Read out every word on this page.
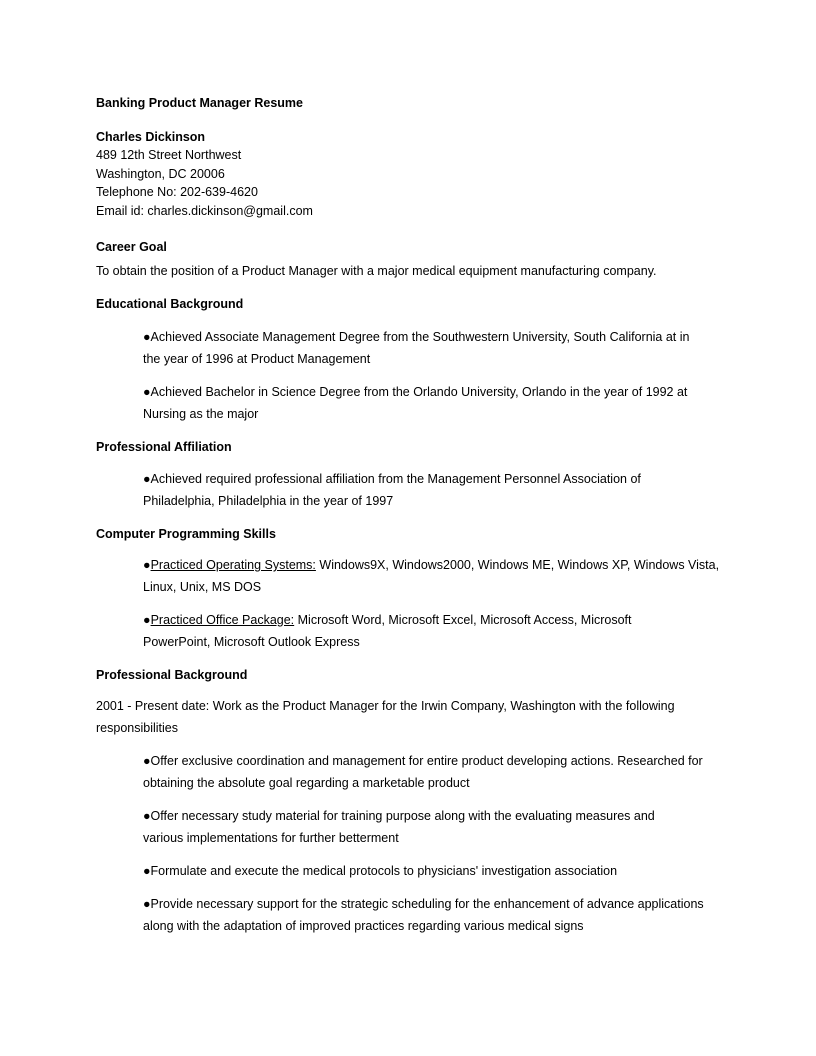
Banking Product Manager Resume
Charles Dickinson
489 12th Street Northwest
Washington, DC 20006
Telephone No: 202-639-4620
Email id: charles.dickinson@gmail.com
Career Goal
To obtain the position of a Product Manager with a major medical equipment manufacturing company.
Educational Background
●Achieved Associate Management Degree from the Southwestern University, South California at in the year of 1996 at Product Management
●Achieved Bachelor in Science Degree from the Orlando University, Orlando in the year of 1992 at Nursing as the major
Professional Affiliation
●Achieved required professional affiliation from the Management Personnel Association of Philadelphia, Philadelphia in the year of 1997
Computer Programming Skills
●Practiced Operating Systems: Windows9X, Windows2000, Windows ME, Windows XP, Windows Vista, Linux, Unix, MS DOS
●Practiced Office Package: Microsoft Word, Microsoft Excel, Microsoft Access, Microsoft PowerPoint, Microsoft Outlook Express
Professional Background
2001 - Present date: Work as the Product Manager for the Irwin Company, Washington with the following responsibilities
●Offer exclusive coordination and management for entire product developing actions. Researched for obtaining the absolute goal regarding a marketable product
●Offer necessary study material for training purpose along with the evaluating measures and various implementations for further betterment
●Formulate and execute the medical protocols to physicians' investigation association
●Provide necessary support for the strategic scheduling for the enhancement of advance applications along with the adaptation of improved practices regarding various medical signs
